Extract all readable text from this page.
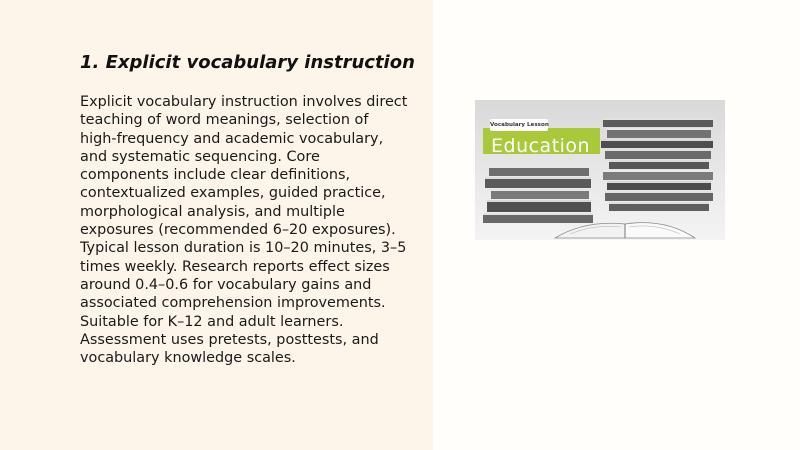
1. Explicit vocabulary instruction
Explicit vocabulary instruction involves direct
teaching of word meanings, selection of
high-frequency and academic vocabulary,
and systematic sequencing. Core
components include clear definitions,
contextualized examples, guided practice,
morphological analysis, and multiple
exposures (recommended 6–20 exposures).
Typical lesson duration is 10–20 minutes, 3–5
times weekly. Research reports effect sizes
around 0.4–0.6 for vocabulary gains and
associated comprehension improvements.
Suitable for K–12 and adult learners.
Assessment uses pretests, posttests, and
vocabulary knowledge scales.
Vocabulary Lesson
Education
